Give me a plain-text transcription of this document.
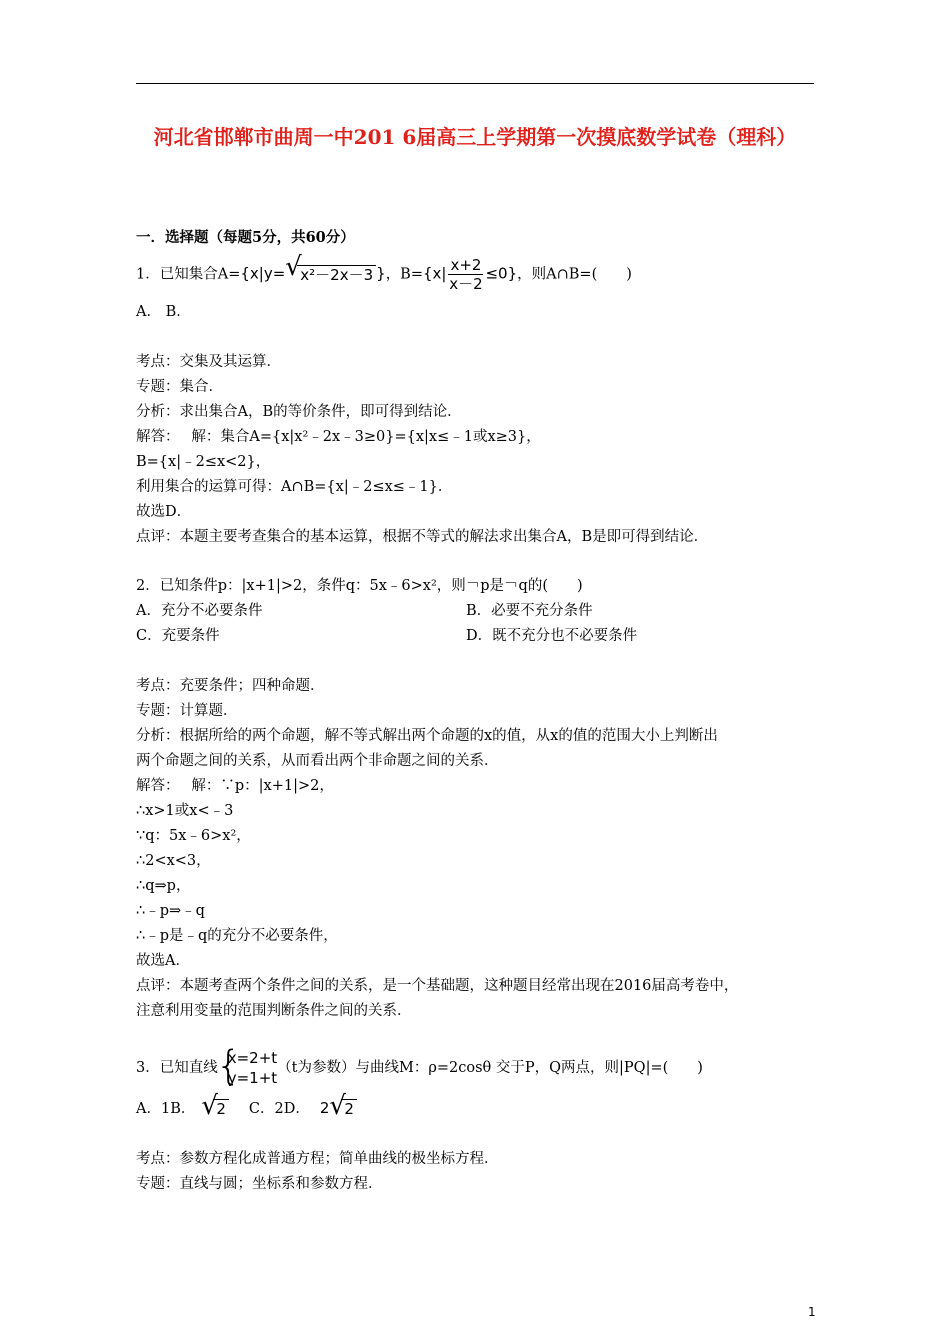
河北省邯郸市曲周一中201 6届高三上学期第一次摸底数学试卷（理科）
一．选择题（每题5分，共60分）
1．已知集合A={x|y= √
x²－2x－3 }，$B=\{x| \frac{x+2}{x-2} \le 0\}$，则A∩B=(　　)
A． B．
考点：交集及其运算．
专题：集合．
分析：求出集合A，B的等价条件，即可得到结论．
解答：　 解：集合A={x|x²﹣2x﹣3≥0}={x|x≤﹣1或x≥3}，
B={x|﹣2≤x<2}，
利用集合的运算可得：A∩B={x|﹣2≤x≤﹣1}．
故选D．
点评：本题主要考查集合的基本运算，根据不等式的解法求出集合A，B是即可得到结论．
2．已知条件p：|x+1|>2，条件q：5x﹣6>x²，则￢p是￢q的(　　)
A．充分不必要条件	B．必要不充分条件
C．充要条件	D．既不充分也不必要条件
考点：充要条件；四种命题．
专题：计算题．
分析：根据所给的两个命题，解不等式解出两个命题的x的值，从x的值的范围大小上判断出
两个命题之间的关系，从而看出两个非命题之间的关系．
解答：　 解：∵p：|x+1|>2，
∴x>1或x<﹣3
∵q：5x﹣6>x²，
∴2<x<3，
∴q⇒p，
∴﹣p⇒﹣q
∴﹣p是﹣q的充分不必要条件，
故选A．
点评：本题考查两个条件之间的关系，是一个基础题，这种题目经常出现在2016届高考卷中，
注意利用变量的范围判断条件之间的关系．
3．已知直线
{
x=2+t
y=1+t
（t为参数）与曲线M：ρ=2cosθ 交于P，Q两点，则|PQ|=(　　)
A．1B． √
2 C．2D． 2 √
2
考点：参数方程化成普通方程；简单曲线的极坐标方程．
专题：直线与圆；坐标系和参数方程．
1
